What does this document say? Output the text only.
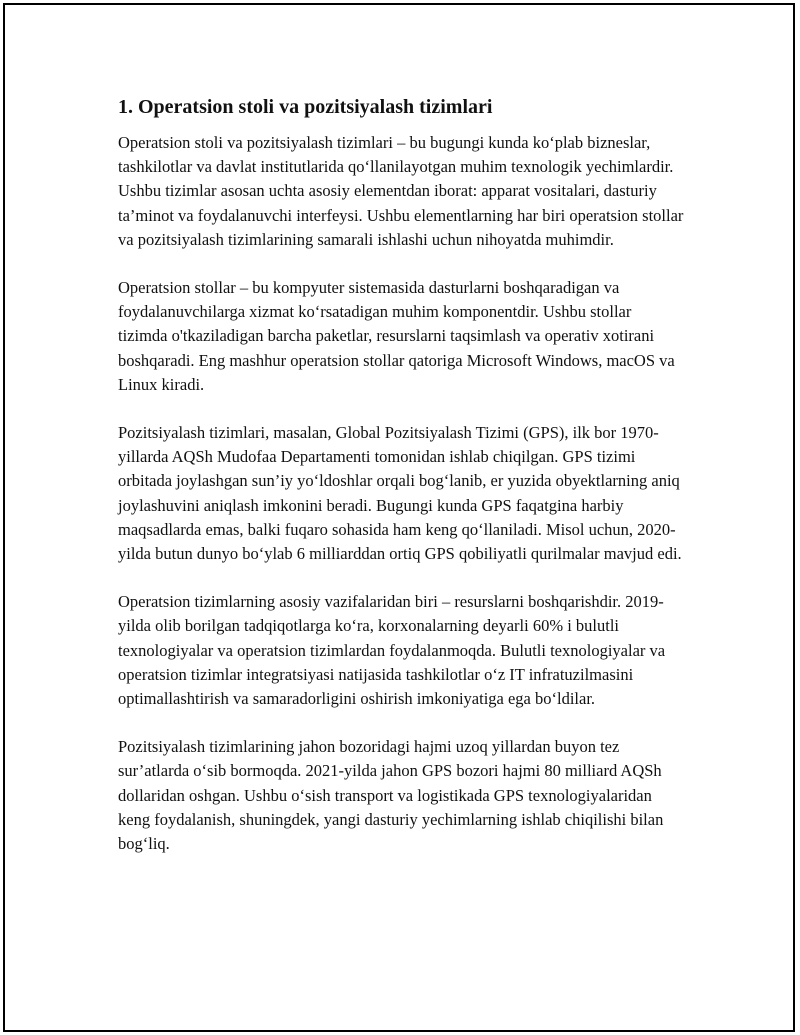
1. Operatsion stoli va pozitsiyalash tizimlari

Operatsion stoli va pozitsiyalash tizimlari – bu bugungi kunda ko‘plab bizneslar, tashkilotlar va davlat institutlarida qo‘llanilayotgan muhim texnologik yechimlardir. Ushbu tizimlar asosan uchta asosiy elementdan iborat: apparat vositalari, dasturiy ta’minot va foydalanuvchi interfeysi. Ushbu elementlarning har biri operatsion stollar va pozitsiyalash tizimlarining samarali ishlashi uchun nihoyatda muhimdir.

Operatsion stollar – bu kompyuter sistemasida dasturlarni boshqaradigan va foydalanuvchilarga xizmat ko‘rsatadigan muhim komponentdir. Ushbu stollar tizimda o'tkaziladigan barcha paketlar, resurslarni taqsimlash va operativ xotirani boshqaradi. Eng mashhur operatsion stollar qatoriga Microsoft Windows, macOS va Linux kiradi.

Pozitsiyalash tizimlari, masalan, Global Pozitsiyalash Tizimi (GPS), ilk bor 1970-yillarda AQSh Mudofaa Departamenti tomonidan ishlab chiqilgan. GPS tizimi orbitada joylashgan sun’iy yo‘ldoshlar orqali bog‘lanib, er yuzida obyektlarning aniq joylashuvini aniqlash imkonini beradi. Bugungi kunda GPS faqatgina harbiy maqsadlarda emas, balki fuqaro sohasida ham keng qo‘llaniladi. Misol uchun, 2020-yilda butun dunyo bo‘ylab 6 milliarddan ortiq GPS qobiliyatli qurilmalar mavjud edi.

Operatsion tizimlarning asosiy vazifalaridan biri – resurslarni boshqarishdir. 2019-yilda olib borilgan tadqiqotlarga ko‘ra, korxonalarning deyarli 60% i bulutli texnologiyalar va operatsion tizimlardan foydalanmoqda. Bulutli texnologiyalar va operatsion tizimlar integratsiyasi natijasida tashkilotlar o‘z IT infratuzilmasini optimallashtirish va samaradorligini oshirish imkoniyatiga ega bo‘ldilar.

Pozitsiyalash tizimlarining jahon bozoridagi hajmi uzoq yillardan buyon tez sur’atlarda o‘sib bormoqda. 2021-yilda jahon GPS bozori hajmi 80 milliard AQSh dollaridan oshgan. Ushbu o‘sish transport va logistikada GPS texnologiyalaridan keng foydalanish, shuningdek, yangi dasturiy yechimlarning ishlab chiqilishi bilan bog‘liq.
